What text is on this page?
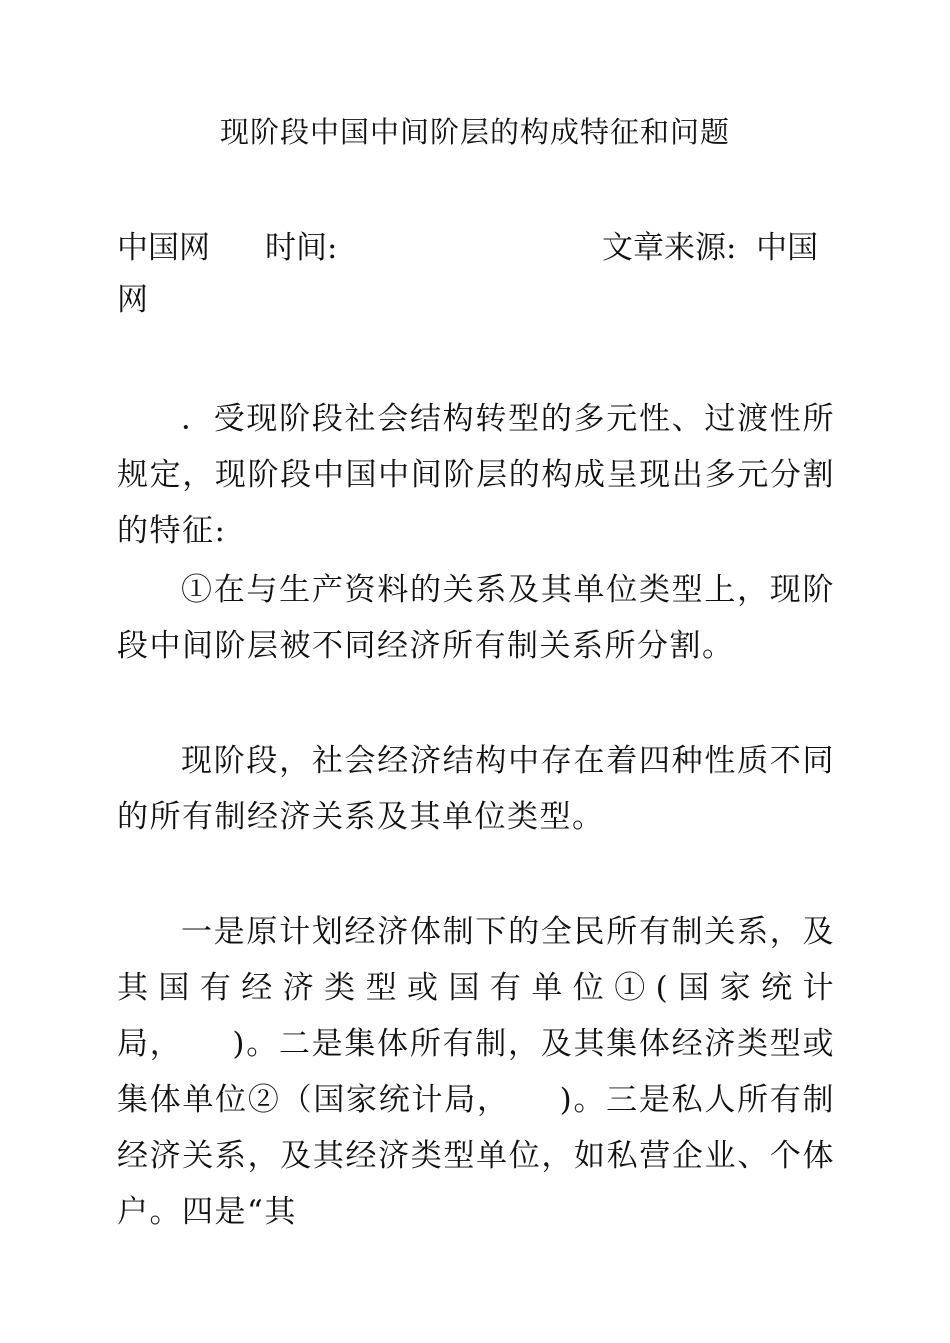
现阶段中国中间阶层的构成特征和问题
中国网 时间:	文章来源: 中国
网

．受现阶段社会结构转型的多元性、过渡性所规定，现阶段中国中间阶层的构成呈现出多元分割的特征:

①在与生产资料的关系及其单位类型上，现阶段中间阶层被不同经济所有制关系所分割。

现阶段，社会经济结构中存在着四种性质不同的所有制经济关系及其单位类型。

一是原计划经济体制下的全民所有制关系，及其国有经济类型或国有单位①(国家统计局，　　)。二是集体所有制，及其集体经济类型或集体单位②（国家统计局，　　)。三是私人所有制经济关系，及其经济类型单位，如私营企业、个体户。四是“其
